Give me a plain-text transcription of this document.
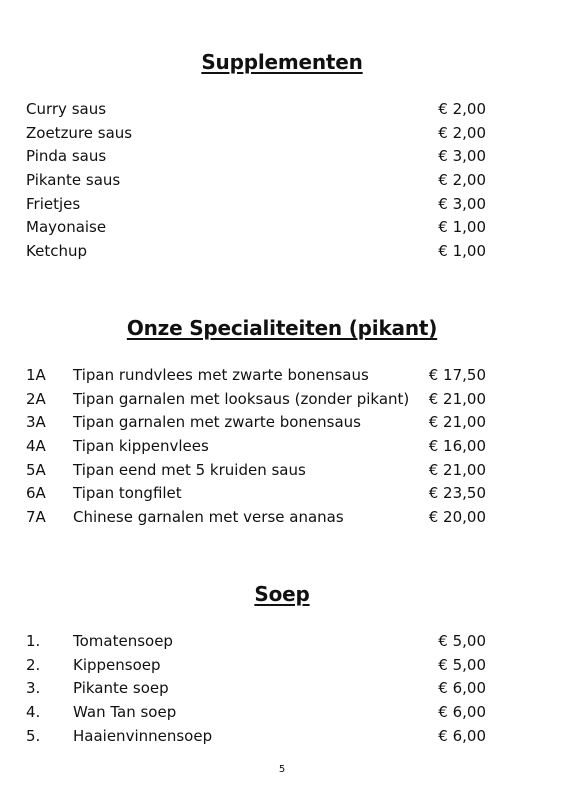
Supplementen
Curry saus	€ 2,00
Zoetzure saus	€ 2,00
Pinda saus	€ 3,00
Pikante saus	€ 2,00
Frietjes	€ 3,00
Mayonaise	€ 1,00
Ketchup	€ 1,00
Onze Specialiteiten (pikant)
1A Tipan rundvlees met zwarte bonensaus	€ 17,50
2A Tipan garnalen met looksaus (zonder pikant) € 21,00
3A Tipan garnalen met zwarte bonensaus	€ 21,00
4A Tipan kippenvlees	€ 16,00
5A Tipan eend met 5 kruiden saus	€ 21,00
6A Tipan tongfilet	€ 23,50
7A Chinese garnalen met verse ananas	€ 20,00
Soep
1. Tomatensoep	€ 5,00
2. Kippensoep	€ 5,00
3. Pikante soep	€ 6,00
4. Wan Tan soep	€ 6,00
5. Haaienvinnensoep	€ 6,00
5
